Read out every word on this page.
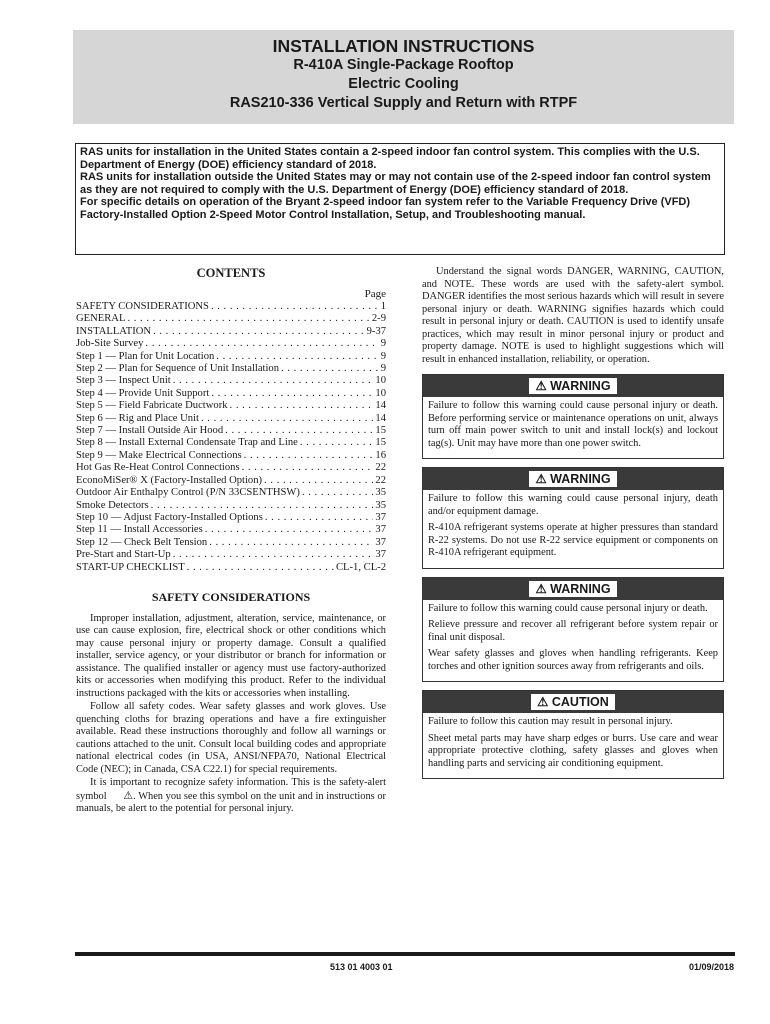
INSTALLATION INSTRUCTIONS
R-410A Single-Package Rooftop
Electric Cooling
RAS210-336 Vertical Supply and Return with RTPF

RAS units for installation in the United States contain a 2-speed indoor fan control system. This complies with the U.S. Department of Energy (DOE) efficiency standard of 2018.

RAS units for installation outside the United States may or may not contain use of the 2-speed indoor fan control system as they are not required to comply with the U.S. Department of Energy (DOE) efficiency standard of 2018.

For specific details on operation of the Bryant 2-speed indoor fan system refer to the Variable Frequency Drive (VFD) Factory-Installed Option 2-Speed Motor Control Installation, Setup, and Troubleshooting manual.

CONTENTS
Page
SAFETY CONSIDERATIONS . . .	1
GENERAL . . .	2-9
INSTALLATION . . .	9-37
Job-Site Survey . . .	9
Step 1 — Plan for Unit Location . . .	9
Step 2 — Plan for Sequence of Unit Installation . . .	9
Step 3 — Inspect Unit . . .	10
Step 4 — Provide Unit Support . . .	10
Step 5 — Field Fabricate Ductwork . . .	14
Step 6 — Rig and Place Unit . . .	14
Step 7 — Install Outside Air Hood . . .	15
Step 8 — Install External Condensate Trap and Line . . .	15
Step 9 — Make Electrical Connections . . .	16
Hot Gas Re-Heat Control Connections . . .	22
EconoMiSer® X (Factory-Installed Option) . . .	22
Outdoor Air Enthalpy Control (P/N 33CSENTHSW) . . .	35
Smoke Detectors . . .	35
Step 10 — Adjust Factory-Installed Options . . .	37
Step 11 — Install Accessories . . .	37
Step 12 — Check Belt Tension . . .	37
Pre-Start and Start-Up . . .	37
START-UP CHECKLIST . . .	CL-1, CL-2
SAFETY CONSIDERATIONS

Improper installation, adjustment, alteration, service, maintenance, or use can cause explosion, fire, electrical shock or other conditions which may cause personal injury or property damage. Consult a qualified installer, service agency, or your distributor or branch for information or assistance. The qualified installer or agency must use factory-authorized kits or accessories when modifying this product. Refer to the individual instructions packaged with the kits or accessories when installing.

Follow all safety codes. Wear safety glasses and work gloves. Use quenching cloths for brazing operations and have a fire extinguisher available. Read these instructions thoroughly and follow all warnings or cautions attached to the unit. Consult local building codes and appropriate national electrical codes (in USA, ANSI/NFPA70, National Electrical Code (NEC); in Canada, CSA C22.1) for special requirements.

It is important to recognize safety information. This is the safety-alert symbol ⚠. When you see this symbol on the unit and in instructions or manuals, be alert to the potential for personal injury.

Understand the signal words DANGER, WARNING, CAUTION, and NOTE. These words are used with the safety-alert symbol. DANGER identifies the most serious hazards which will result in severe personal injury or death. WARNING signifies hazards which could result in personal injury or death. CAUTION is used to identify unsafe practices, which may result in minor personal injury or product and property damage. NOTE is used to highlight suggestions which will result in enhanced installation, reliability, or operation.

⚠ WARNING

Failure to follow this warning could cause personal injury or death. Before performing service or maintenance operations on unit, always turn off main power switch to unit and install lock(s) and lockout tag(s). Unit may have more than one power switch.

⚠ WARNING

Failure to follow this warning could cause personal injury, death and/or equipment damage.

R-410A refrigerant systems operate at higher pressures than standard R-22 systems. Do not use R-22 service equipment or components on R-410A refrigerant equipment.

⚠ WARNING

Failure to follow this warning could cause personal injury or death.

Relieve pressure and recover all refrigerant before system repair or final unit disposal.

Wear safety glasses and gloves when handling refrigerants. Keep torches and other ignition sources away from refrigerants and oils.

⚠ CAUTION

Failure to follow this caution may result in personal injury.

Sheet metal parts may have sharp edges or burrs. Use care and wear appropriate protective clothing, safety glasses and gloves when handling parts and servicing air conditioning equipment.

513 01 4003 01	01/09/2018
